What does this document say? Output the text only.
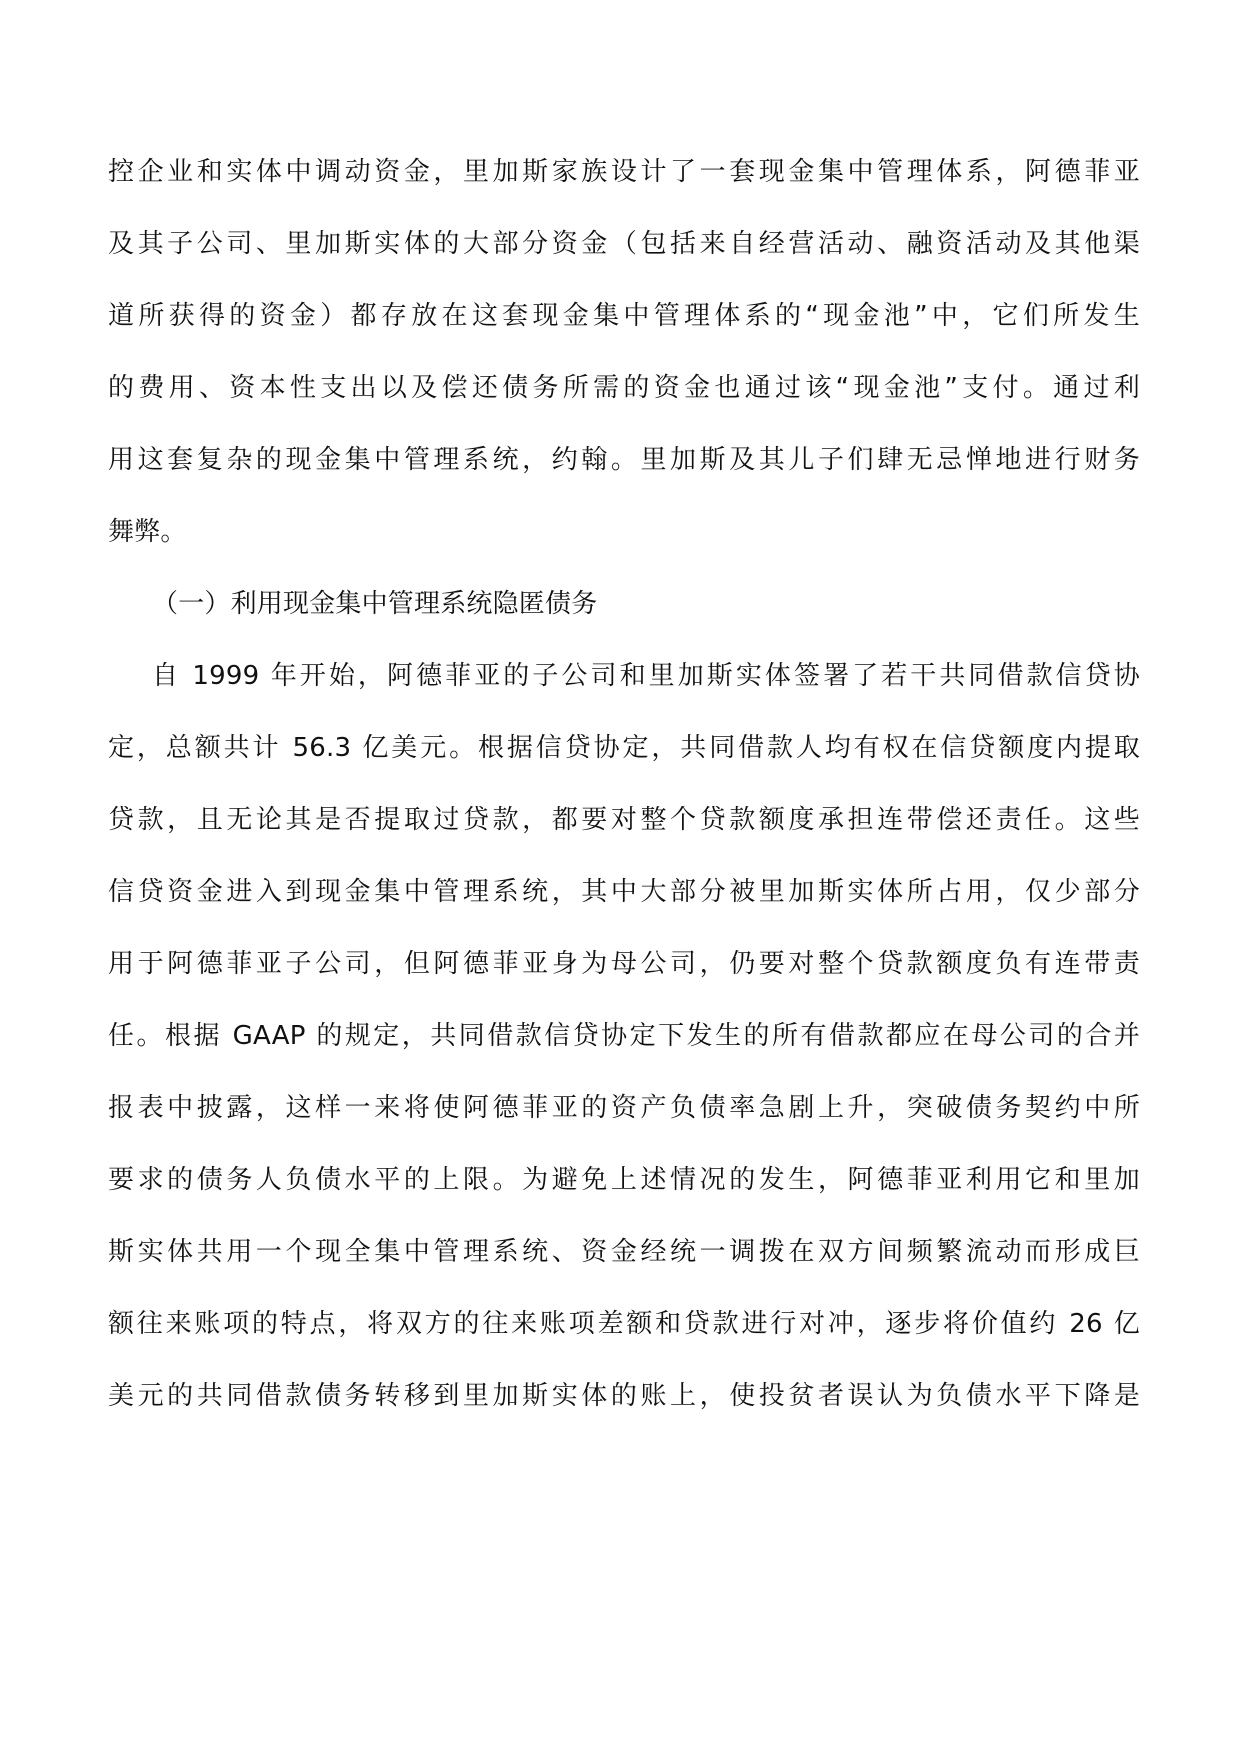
控企业和实体中调动资金，里加斯家族设计了一套现金集中管理体系，阿德菲亚
及其子公司、里加斯实体的大部分资金（包括来自经营活动、融资活动及其他渠
道所获得的资金）都存放在这套现金集中管理体系的“现金池”中，它们所发生
的费用、资本性支出以及偿还债务所需的资金也通过该“现金池”支付。通过利
用这套复杂的现金集中管理系统，约翰。里加斯及其儿子们肆无忌惮地进行财务
舞弊。
（一）利用现金集中管理系统隐匿债务
自 1999 年开始，阿德菲亚的子公司和里加斯实体签署了若干共同借款信贷协
定，总额共计 56.3 亿美元。根据信贷协定，共同借款人均有权在信贷额度内提取
贷款，且无论其是否提取过贷款，都要对整个贷款额度承担连带偿还责任。这些
信贷资金进入到现金集中管理系统，其中大部分被里加斯实体所占用，仅少部分
用于阿德菲亚子公司，但阿德菲亚身为母公司，仍要对整个贷款额度负有连带责
任。根据 GAAP 的规定，共同借款信贷协定下发生的所有借款都应在母公司的合并
报表中披露，这样一来将使阿德菲亚的资产负债率急剧上升，突破债务契约中所
要求的债务人负债水平的上限。为避免上述情况的发生，阿德菲亚利用它和里加
斯实体共用一个现全集中管理系统、资金经统一调拨在双方间频繁流动而形成巨
额往来账项的特点，将双方的往来账项差额和贷款进行对冲，逐步将价值约 26 亿
美元的共同借款债务转移到里加斯实体的账上，使投贫者误认为负债水平下降是
